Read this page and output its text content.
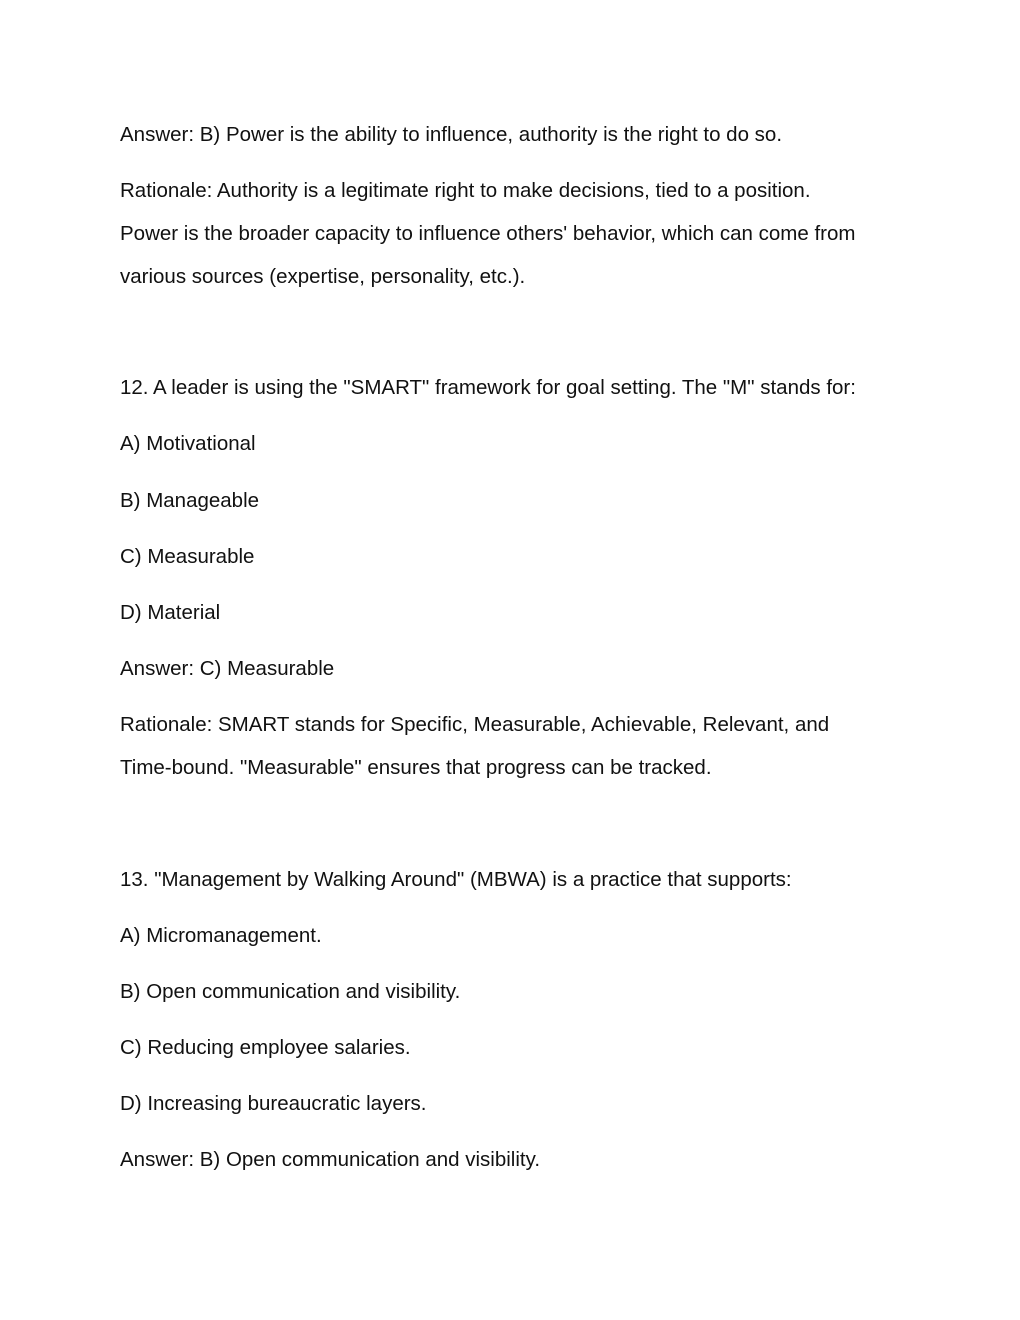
Answer: B) Power is the ability to influence, authority is the right to do so.

Rationale: Authority is a legitimate right to make decisions, tied to a position.
Power is the broader capacity to influence others' behavior, which can come from
various sources (expertise, personality, etc.).

12. A leader is using the "SMART" framework for goal setting. The "M" stands for:

A) Motivational

B) Manageable

C) Measurable

D) Material

Answer: C) Measurable

Rationale: SMART stands for Specific, Measurable, Achievable, Relevant, and
Time-bound. "Measurable" ensures that progress can be tracked.

13. "Management by Walking Around" (MBWA) is a practice that supports:

A) Micromanagement.

B) Open communication and visibility.

C) Reducing employee salaries.

D) Increasing bureaucratic layers.

Answer: B) Open communication and visibility.
